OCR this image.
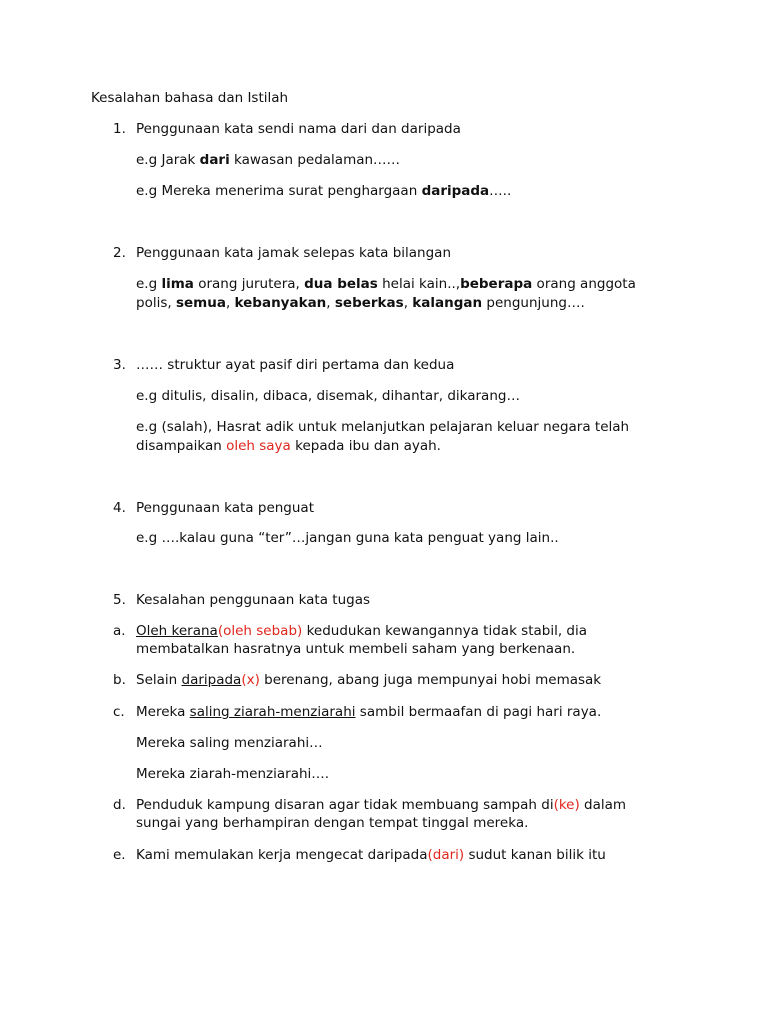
Kesalahan bahasa dan Istilah
1. Penggunaan kata sendi nama dari dan daripada
e.g Jarak dari kawasan pedalaman……
e.g Mereka menerima surat penghargaan daripada…..
2. Penggunaan kata jamak selepas kata bilangan
e.g lima orang jurutera, dua belas helai kain..,beberapa orang anggota
polis, semua, kebanyakan, seberkas, kalangan pengunjung….
3. …… struktur ayat pasif diri pertama dan kedua
e.g ditulis, disalin, dibaca, disemak, dihantar, dikarang…
e.g (salah), Hasrat adik untuk melanjutkan pelajaran keluar negara telah
disampaikan oleh saya kepada ibu dan ayah.
4. Penggunaan kata penguat
e.g ….kalau guna “ter”…jangan guna kata penguat yang lain..
5. Kesalahan penggunaan kata tugas
a. Oleh kerana(oleh sebab) kedudukan kewangannya tidak stabil, dia
membatalkan hasratnya untuk membeli saham yang berkenaan.
b. Selain daripada(x) berenang, abang juga mempunyai hobi memasak
c. Mereka saling ziarah-menziarahi sambil bermaafan di pagi hari raya.
Mereka saling menziarahi…
Mereka ziarah-menziarahi….
d. Penduduk kampung disaran agar tidak membuang sampah di(ke) dalam
sungai yang berhampiran dengan tempat tinggal mereka.
e. Kami memulakan kerja mengecat daripada(dari) sudut kanan bilik itu
